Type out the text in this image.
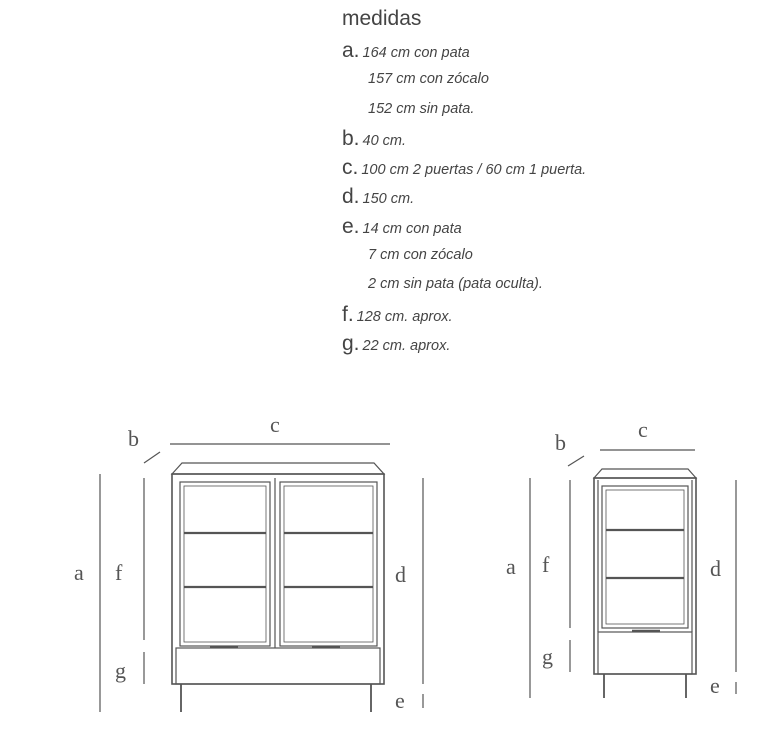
medidas
a. 164 cm con pata
157 cm con zócalo
152 cm sin pata.
b. 40 cm.
c. 100 cm 2 puertas / 60 cm 1 puerta.
d. 150 cm.
e. 14 cm con pata
7 cm con zócalo
2 cm sin pata (pata oculta).
f. 128 cm. aprox.
g. 22 cm. aprox.
c
b
a f
g
d
e
c
b
a f
g
d
e
